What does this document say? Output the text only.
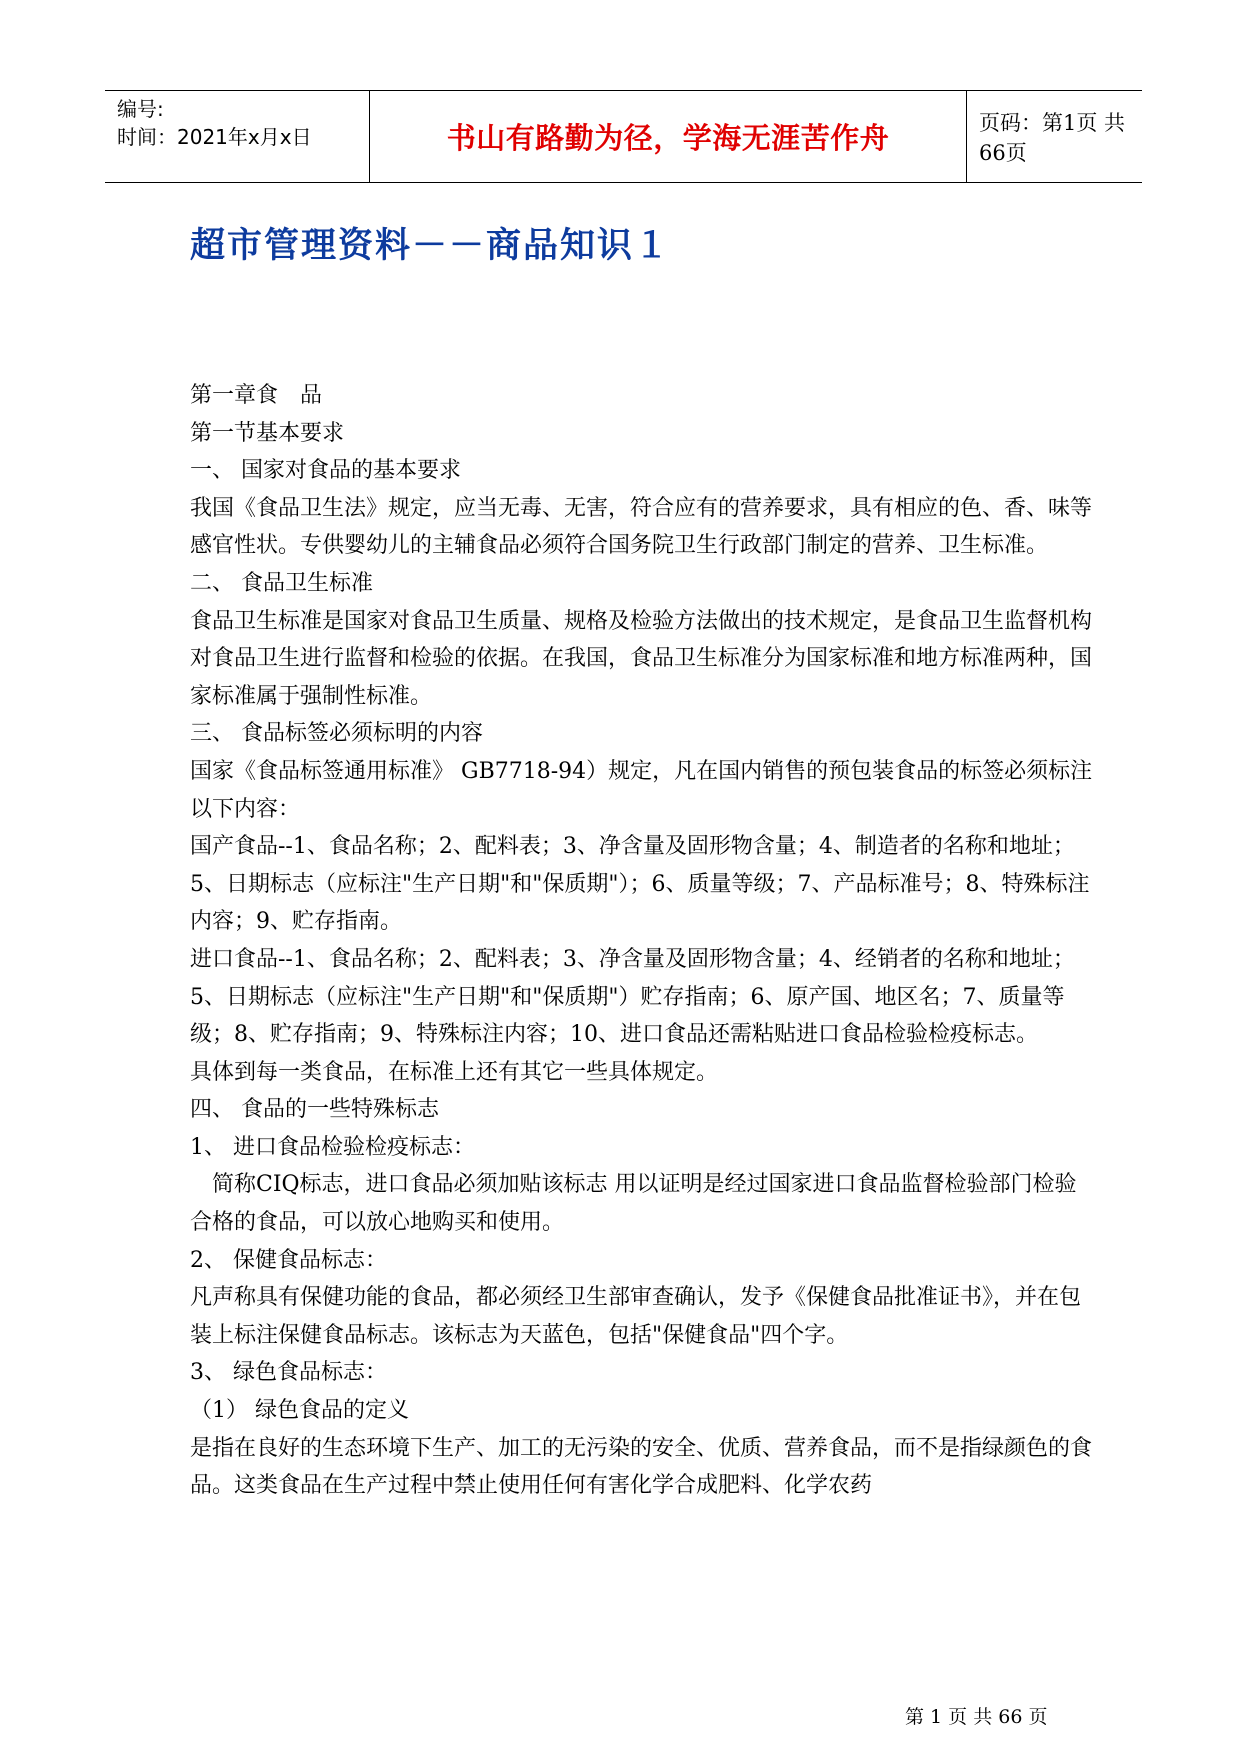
编号:
时间：2021年x月x日	书山有路勤为径，学海无涯苦作舟	页码：第1页 共66页
超市管理资料－－商品知识１

第一章食　品

第一节基本要求

一、 国家对食品的基本要求

我国《食品卫生法》规定，应当无毒、无害，符合应有的营养要求，具有相应的色、香、味等感官性状。专供婴幼儿的主辅食品必须符合国务院卫生行政部门制定的营养、卫生标准。

二、 食品卫生标准

食品卫生标准是国家对食品卫生质量、规格及检验方法做出的技术规定，是食品卫生监督机构对食品卫生进行监督和检验的依据。在我国，食品卫生标准分为国家标准和地方标准两种，国家标准属于强制性标准。

三、 食品标签必须标明的内容

国家《食品标签通用标准》 GB7718-94）规定，凡在国内销售的预包装食品的标签必须标注以下内容：

国产食品--1、食品名称；2、配料表；3、净含量及固形物含量；4、制造者的名称和地址；5、日期标志（应标注"生产日期"和"保质期"）；6、质量等级；7、产品标准号；8、特殊标注内容；9、贮存指南。

进口食品--1、食品名称；2、配料表；3、净含量及固形物含量；4、经销者的名称和地址；5、日期标志（应标注"生产日期"和"保质期"）贮存指南；6、原产国、地区名；7、质量等级；8、贮存指南；9、特殊标注内容；10、进口食品还需粘贴进口食品检验检疫标志。

具体到每一类食品，在标准上还有其它一些具体规定。

四、 食品的一些特殊标志

1、 进口食品检验检疫标志：

简称CIQ标志，进口食品必须加贴该标志 用以证明是经过国家进口食品监督检验部门检验合格的食品，可以放心地购买和使用。

2、 保健食品标志：

凡声称具有保健功能的食品，都必须经卫生部审查确认，发予《保健食品批准证书》，并在包装上标注保健食品标志。该标志为天蓝色，包括"保健食品"四个字。

3、 绿色食品标志：

（1） 绿色食品的定义

是指在良好的生态环境下生产、加工的无污染的安全、优质、营养食品，而不是指绿颜色的食品。这类食品在生产过程中禁止使用任何有害化学合成肥料、化学农药

第 1 页 共 66 页
